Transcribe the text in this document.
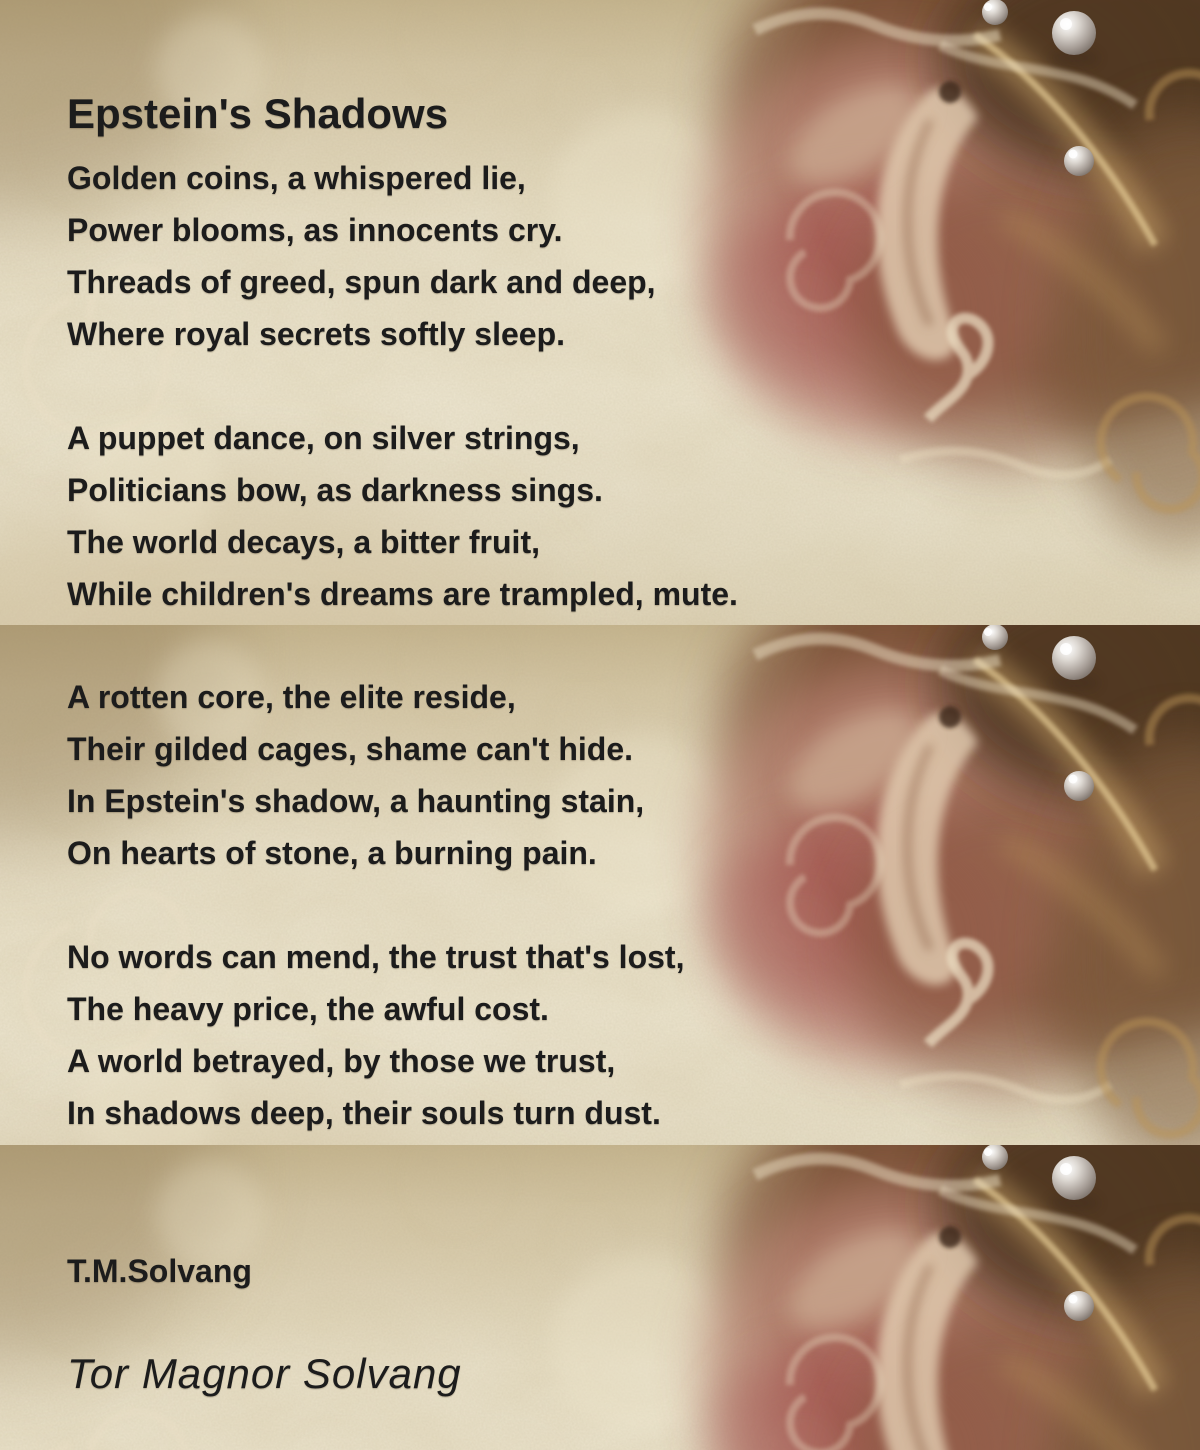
Epstein's Shadows
Golden coins, a whispered lie,
Power blooms, as innocents cry.
Threads of greed, spun dark and deep,
Where royal secrets softly sleep.
A puppet dance, on silver strings,
Politicians bow, as darkness sings.
The world decays, a bitter fruit,
While children's dreams are trampled, mute.
A rotten core, the elite reside,
Their gilded cages, shame can't hide.
In Epstein's shadow, a haunting stain,
On hearts of stone, a burning pain.
No words can mend, the trust that's lost,
The heavy price, the awful cost.
A world betrayed, by those we trust,
In shadows deep, their souls turn dust.
T.M.Solvang
Tor Magnor Solvang
